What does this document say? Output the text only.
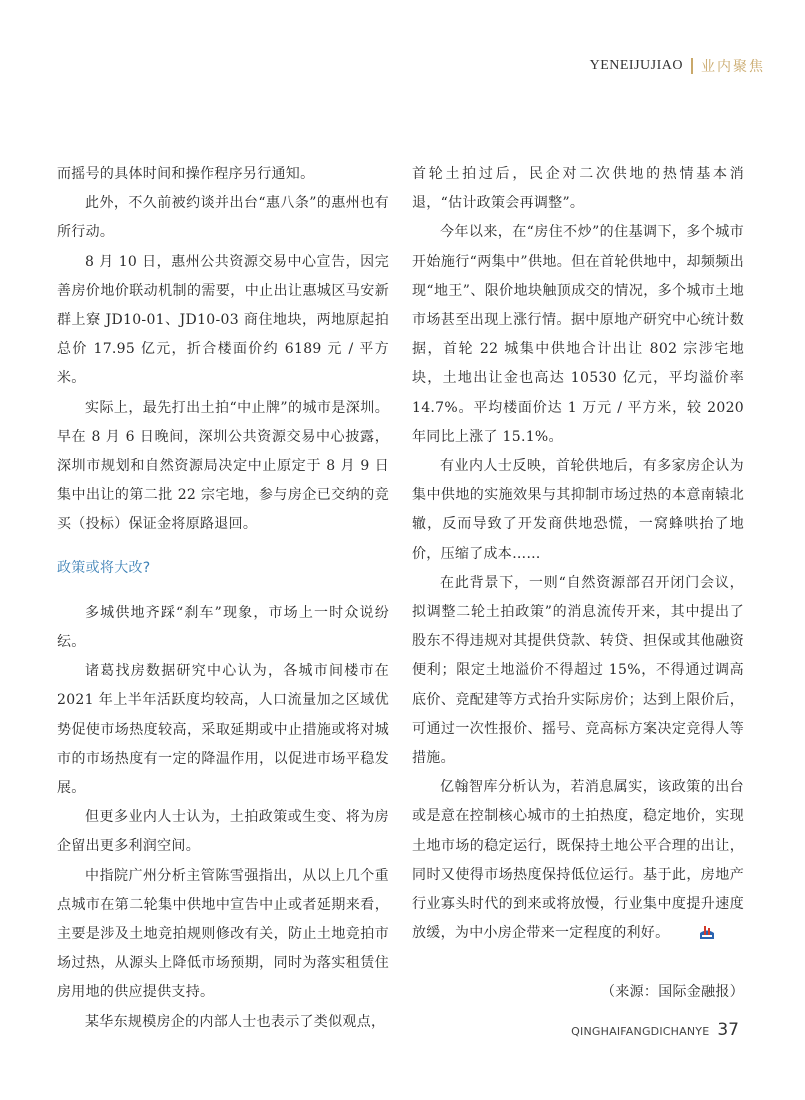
YENEIJUJIAO 业内聚焦

而摇号的具体时间和操作程序另行通知。

此外，不久前被约谈并出台“惠八条”的惠州也有所行动。

8 月 10 日，惠州公共资源交易中心宣告，因完善房价地价联动机制的需要，中止出让惠城区马安新群上寮 JD10-01、JD10-03 商住地块，两地原起拍总价 17.95 亿元，折合楼面价约 6189 元 / 平方米。

实际上，最先打出土拍“中止牌”的城市是深圳。早在 8 月 6 日晚间，深圳公共资源交易中心披露，深圳市规划和自然资源局决定中止原定于 8 月 9 日集中出让的第二批 22 宗宅地，参与房企已交纳的竞买（投标）保证金将原路退回。

政策或将大改?

多城供地齐踩“刹车”现象，市场上一时众说纷纭。

诸葛找房数据研究中心认为，各城市间楼市在 2021 年上半年活跃度均较高，人口流量加之区域优势促使市场热度较高，采取延期或中止措施或将对城市的市场热度有一定的降温作用，以促进市场平稳发展。

但更多业内人士认为，土拍政策或生变、将为房企留出更多利润空间。

中指院广州分析主管陈雪强指出，从以上几个重点城市在第二轮集中供地中宣告中止或者延期来看，主要是涉及土地竞拍规则修改有关，防止土地竞拍市场过热，从源头上降低市场预期，同时为落实租赁住房用地的供应提供支持。

某华东规模房企的内部人士也表示了类似观点，

首轮土拍过后，民企对二次供地的热情基本消退，“估计政策会再调整”。

今年以来，在“房住不炒”的住基调下，多个城市开始施行“两集中”供地。但在首轮供地中，却频频出现“地王”、限价地块触顶成交的情况，多个城市土地市场甚至出现上涨行情。据中原地产研究中心统计数据，首轮 22 城集中供地合计出让 802 宗涉宅地块，土地出让金也高达 10530 亿元，平均溢价率 14.7%。平均楼面价达 1 万元 / 平方米，较 2020 年同比上涨了 15.1%。

有业内人士反映，首轮供地后，有多家房企认为集中供地的实施效果与其抑制市场过热的本意南辕北辙，反而导致了开发商供地恐慌，一窝蜂哄抬了地价，压缩了成本……

在此背景下，一则“自然资源部召开闭门会议，拟调整二轮土拍政策”的消息流传开来，其中提出了股东不得违规对其提供贷款、转贷、担保或其他融资便利；限定土地溢价不得超过 15%，不得通过调高底价、竞配建等方式抬升实际房价；达到上限价后，可通过一次性报价、摇号、竞高标方案决定竞得人等措施。

亿翰智库分析认为，若消息属实，该政策的出台或是意在控制核心城市的土拍热度，稳定地价，实现土地市场的稳定运行，既保持土地公平合理的出让，同时又使得市场热度保持低位运行。基于此，房地产行业寡头时代的到来或将放慢，行业集中度提升速度放缓，为中小房企带来一定程度的利好。

（来源：国际金融报）

QINGHAIFANGDICHANYE 37
